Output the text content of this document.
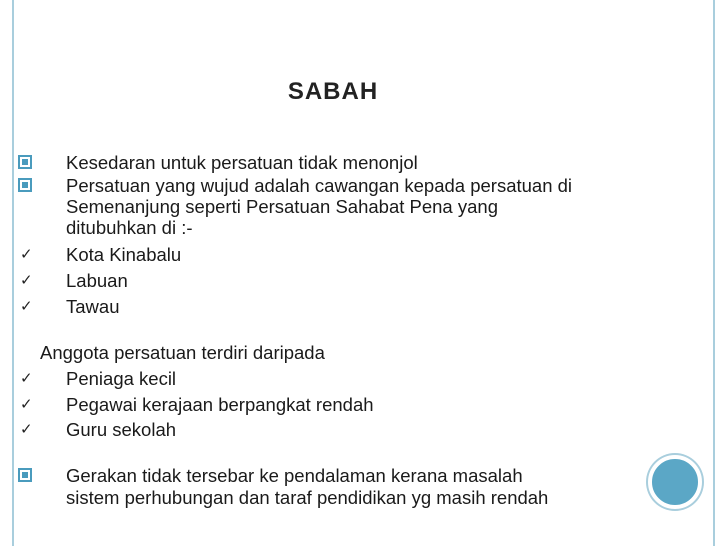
SABAH
Kesedaran untuk persatuan tidak menonjol
Persatuan yang wujud adalah cawangan kepada persatuan di
Semenanjung seperti Persatuan Sahabat Pena yang
ditubuhkan di :-
✓ Kota Kinabalu
✓ Labuan
✓ Tawau
Anggota persatuan terdiri daripada
✓ Peniaga kecil
✓ Pegawai kerajaan berpangkat rendah
✓ Guru sekolah
Gerakan tidak tersebar ke pendalaman kerana masalah
sistem perhubungan dan taraf pendidikan yg masih rendah
